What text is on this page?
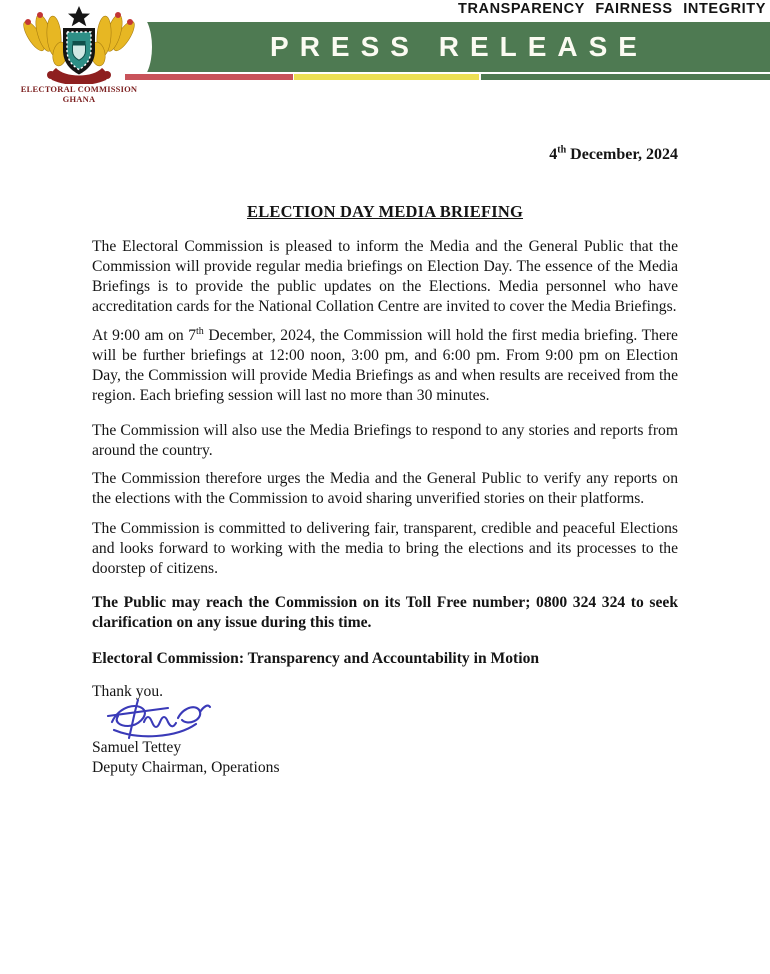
TRANSPARENCY FAIRNESS INTEGRITY
PRESS RELEASE
ELECTORAL COMMISSION
GHANA
4th December, 2024
ELECTION DAY MEDIA BRIEFING

The Electoral Commission is pleased to inform the Media and the General Public that the Commission will provide regular media briefings on Election Day. The essence of the Media Briefings is to provide the public updates on the Elections. Media personnel who have accreditation cards for the National Collation Centre are invited to cover the Media Briefings.

At 9:00 am on 7th December, 2024, the Commission will hold the first media briefing. There will be further briefings at 12:00 noon, 3:00 pm, and 6:00 pm. From 9:00 pm on Election Day, the Commission will provide Media Briefings as and when results are received from the region. Each briefing session will last no more than 30 minutes.

The Commission will also use the Media Briefings to respond to any stories and reports from around the country.

The Commission therefore urges the Media and the General Public to verify any reports on the elections with the Commission to avoid sharing unverified stories on their platforms.

The Commission is committed to delivering fair, transparent, credible and peaceful Elections and looks forward to working with the media to bring the elections and its processes to the doorstep of citizens.

The Public may reach the Commission on its Toll Free number; 0800 324 324 to seek clarification on any issue during this time.

Electoral Commission: Transparency and Accountability in Motion

Thank you.

Samuel Tettey
Deputy Chairman, Operations
